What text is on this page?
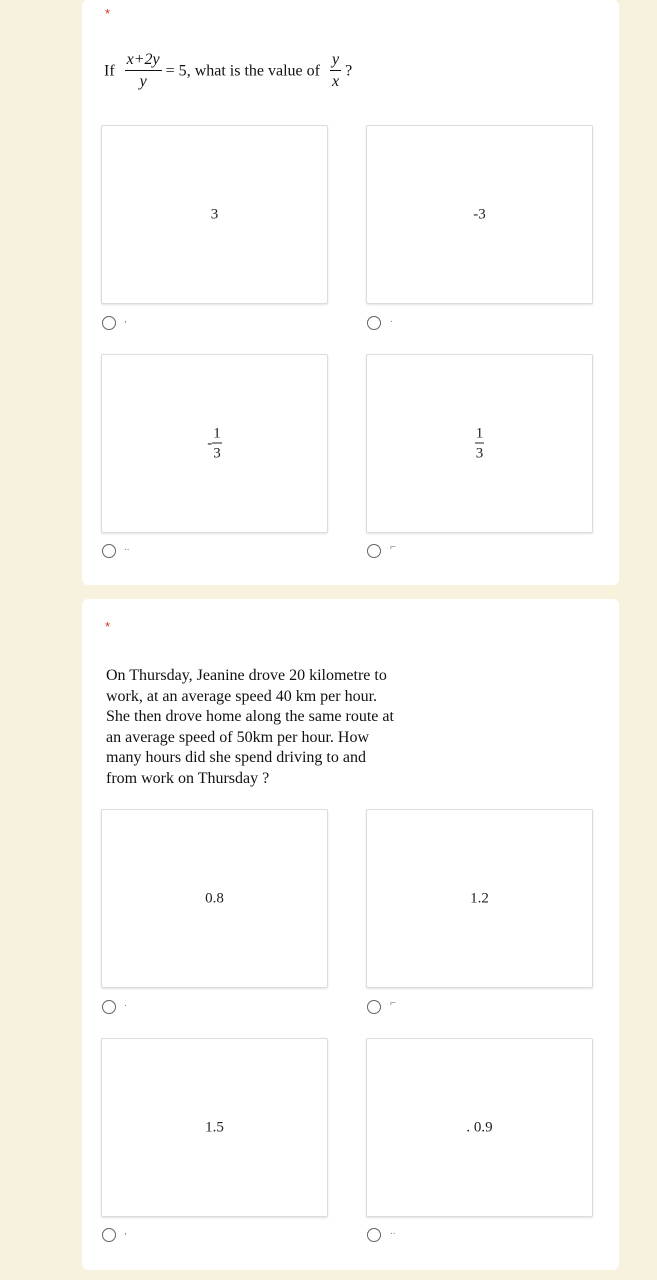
*
If $\frac{x+2y}{y} = 5$, what is the value of $\frac{y}{x}$ ?
3
,
-3
.
- $\frac{1}{3}$
..
$\frac{1}{3}$
⌐
*
On Thursday, Jeanine drove 20 kilometre to
work, at an average speed 40 km per hour.
She then drove home along the same route at
an average speed of 50km per hour. How
many hours did she spend driving to and
from work on Thursday ?
0.8
.
1.2
⌐
1.5
,
. 0.9
..
